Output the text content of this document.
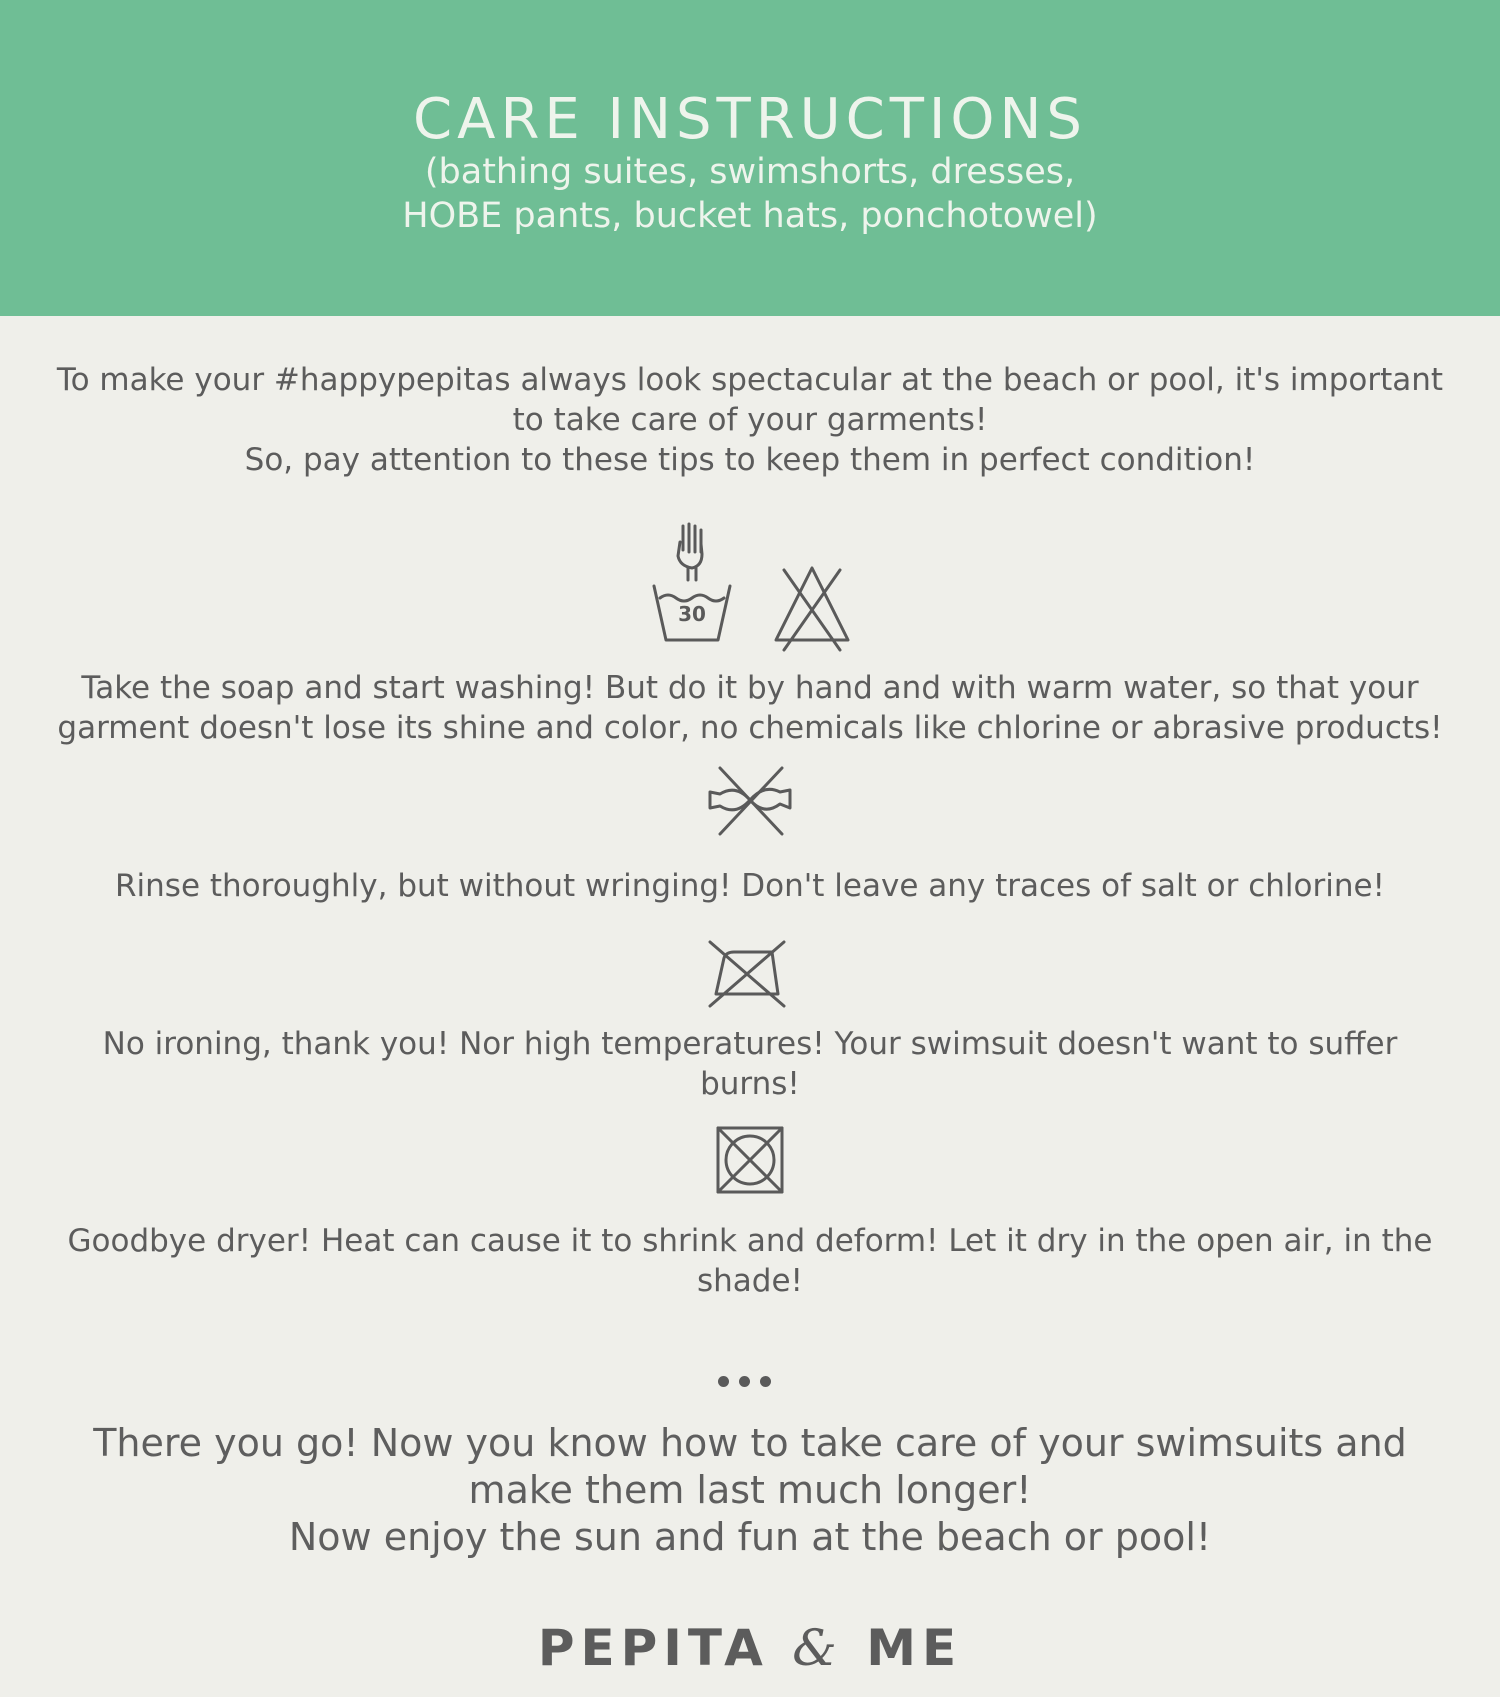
CARE INSTRUCTIONS
(bathing suites, swimshorts, dresses,
HOBE pants, bucket hats, ponchotowel)
To make your #happypepitas always look spectacular at the beach or pool, it's important
to take care of your garments!
So, pay attention to these tips to keep them in perfect condition!
30
Take the soap and start washing! But do it by hand and with warm water, so that your
garment doesn't lose its shine and color, no chemicals like chlorine or abrasive products!
Rinse thoroughly, but without wringing! Don't leave any traces of salt or chlorine!
No ironing, thank you! Nor high temperatures! Your swimsuit doesn't want to suffer
burns!
Goodbye dryer! Heat can cause it to shrink and deform! Let it dry in the open air, in the
shade!
There you go! Now you know how to take care of your swimsuits and
make them last much longer!
Now enjoy the sun and fun at the beach or pool!
PEPITA & ME
